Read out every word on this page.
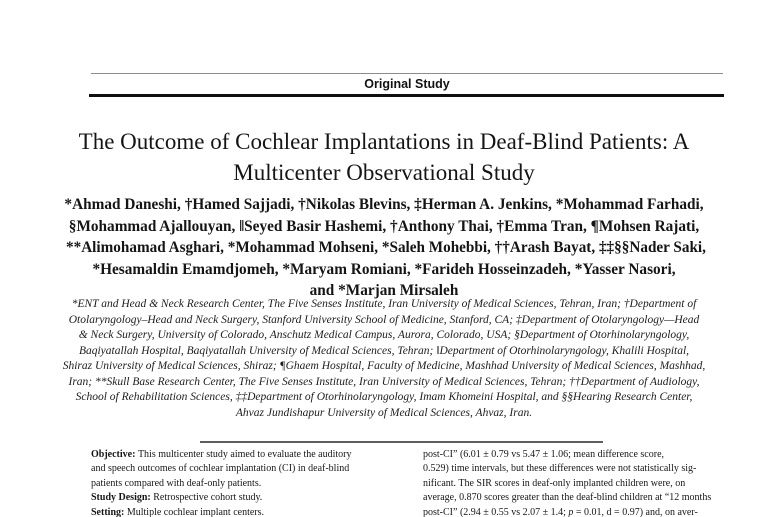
Original Study
The Outcome of Cochlear Implantations in Deaf-Blind Patients: A
Multicenter Observational Study
*Ahmad Daneshi, †Hamed Sajjadi, †Nikolas Blevins, ‡Herman A. Jenkins, *Mohammad Farhadi,
§Mohammad Ajallouyan, ‖Seyed Basir Hashemi, †Anthony Thai, †Emma Tran, ¶Mohsen Rajati,
**Alimohamad Asghari, *Mohammad Mohseni, *Saleh Mohebbi, ††Arash Bayat, ‡‡§§Nader Saki,
*Hesamaldin Emamdjomeh, *Maryam Romiani, *Farideh Hosseinzadeh, *Yasser Nasori,
and *Marjan Mirsaleh
*ENT and Head & Neck Research Center, The Five Senses Institute, Iran University of Medical Sciences, Tehran, Iran; †Department of
Otolaryngology–Head and Neck Surgery, Stanford University School of Medicine, Stanford, CA; ‡Department of Otolaryngology—Head
& Neck Surgery, University of Colorado, Anschutz Medical Campus, Aurora, Colorado, USA; §Department of Otorhinolaryngology,
Baqiyatallah Hospital, Baqiyatallah University of Medical Sciences, Tehran; ‖Department of Otorhinolaryngology, Khalili Hospital,
Shiraz University of Medical Sciences, Shiraz; ¶Ghaem Hospital, Faculty of Medicine, Mashhad University of Medical Sciences, Mashhad,
Iran; **Skull Base Research Center, The Five Senses Institute, Iran University of Medical Sciences, Tehran; ††Department of Audiology,
School of Rehabilitation Sciences, ‡‡Department of Otorhinolaryngology, Imam Khomeini Hospital, and §§Hearing Research Center,
Ahvaz Jundishapur University of Medical Sciences, Ahvaz, Iran.
Objective: This multicenter study aimed to evaluate the auditory
and speech outcomes of cochlear implantation (CI) in deaf-blind
patients compared with deaf-only patients.
Study Design: Retrospective cohort study.
Setting: Multiple cochlear implant centers.
post-CI” (6.01 ± 0.79 vs 5.47 ± 1.06; mean difference score,
0.529) time intervals, but these differences were not statistically sig-
nificant. The SIR scores in deaf-only implanted children were, on
average, 0.870 scores greater than the deaf-blind children at “12 months
post-CI” (2.94 ± 0.55 vs 2.07 ± 1.4; p = 0.01, d = 0.97) and, on aver-
